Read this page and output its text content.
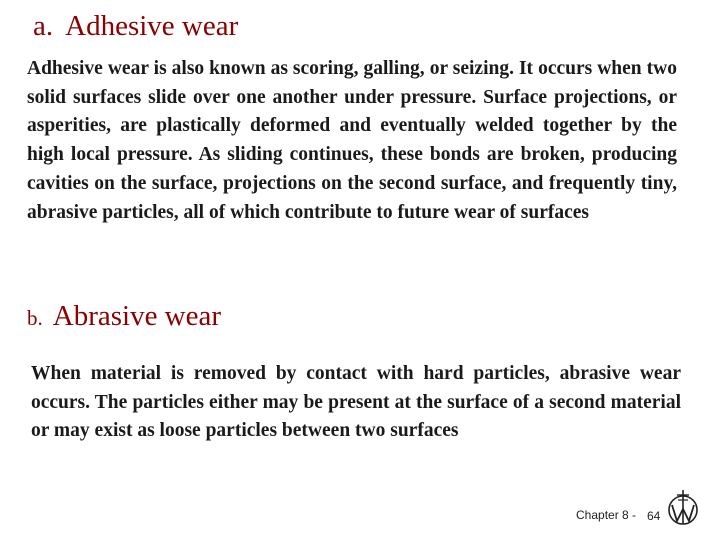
a. Adhesive wear

Adhesive wear is also known as scoring, galling, or seizing. It occurs when two solid surfaces slide over one another under pressure. Surface projections, or asperities, are plastically deformed and eventually welded together by the high local pressure. As sliding continues, these bonds are broken, producing cavities on the surface, projections on the second surface, and frequently tiny, abrasive particles, all of which contribute to future wear of surfaces

b. Abrasive wear

When material is removed by contact with hard particles, abrasive wear occurs. The particles either may be present at the surface of a second material or may exist as loose particles between two surfaces

Chapter 8 - 64
